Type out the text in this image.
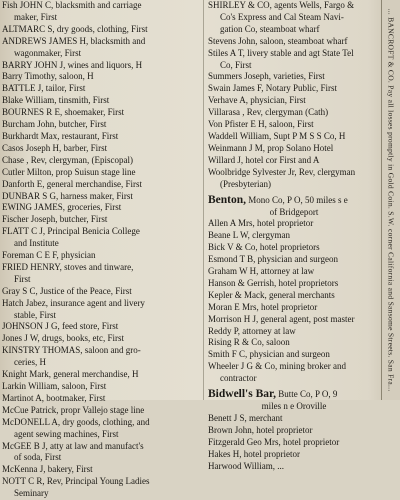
Fish JOHN C, blacksmith and carriage
maker, First
ALTMARC S, dry goods, clothing, First
ANDREWS JAMES H, blacksmith and
wagonmaker, First
BARRY JOHN J, wines and liquors, H
Barry Timothy, saloon, H
BATTLE J, tailor, First
Blake William, tinsmith, First
BOURNES R E, shoemaker, First
Burcham John, butcher, First
Burkhardt Max, restaurant, First
Casos Joseph H, barber, First
Chase , Rev, clergyman, (Episcopal)
Cutler Milton, prop Suisun stage line
Danforth E, general merchandise, First
DUNBAR S G, harness maker, First
EWING JAMES, groceries, First
Fischer Joseph, butcher, First
FLATT C J, Principal Benicia College
and Institute
Foreman C E F, physician
FRIED HENRY, stoves and tinware,
First
Gray S C, Justice of the Peace, First
Hatch Jabez, insurance agent and livery
stable, First
JOHNSON J G, feed store, First
Jones J W, drugs, books, etc, First
KINSTRY THOMAS, saloon and gro-
ceries, H
Knight Mark, general merchandise, H
Larkin William, saloon, First
Martinot A, bootmaker, First
McCue Patrick, propr Vallejo stage line
McDONELL A, dry goods, clothing, and
agent sewing machines, First
McGEE B J, atty at law and manufact's
of soda, First
McKenna J, bakery, First
NOTT C R, Rev, Principal Young Ladies
Seminary
SHIRLEY & CO, agents Wells, Fargo &
Co's Express and Cal Steam Navi-
gation Co, steamboat wharf
Stevens John, saloon, steamboat wharf
Stiles A T, livery stable and agt State Tel
Co, First
Summers Joseph, varieties, First
Swain James F, Notary Public, First
Verhave A, physician, First
Villarasa , Rev, clergyman (Cath)
Von Pfister E H, saloon, First
Waddell William, Supt P M S S Co, H
Weinmann J M, prop Solano Hotel
Willard J, hotel cor First and A
Woolbridge Sylvester Jr, Rev, clergyman
(Presbyterian)
Benton, Mono Co, P O, 50 miles s e
of Bridgeport
Allen A Mrs, hotel proprietor
Beane L W, clergyman
Bick V & Co, hotel proprietors
Esmond T B, physician and surgeon
Graham W H, attorney at law
Hanson & Gerrish, hotel proprietors
Kepler & Mack, general merchants
Moran E Mrs, hotel proprietor
Morrison H J, general agent, post master
Reddy P, attorney at law
Rising R & Co, saloon
Smith F C, physician and surgeon
Wheeler J G & Co, mining broker and
contractor
Bidwell's Bar, Butte Co, P O, 9
miles n e Oroville
Benett J S, merchant
Brown John, hotel proprietor
Fitzgerald Geo Mrs, hotel proprietor
Hakes H, hotel proprietor
Harwood William, ...
... BANCROFT & CO. Pay all losses promptly in Gold Coin. S.W. corner California and Sansome Streets. San Fra...
